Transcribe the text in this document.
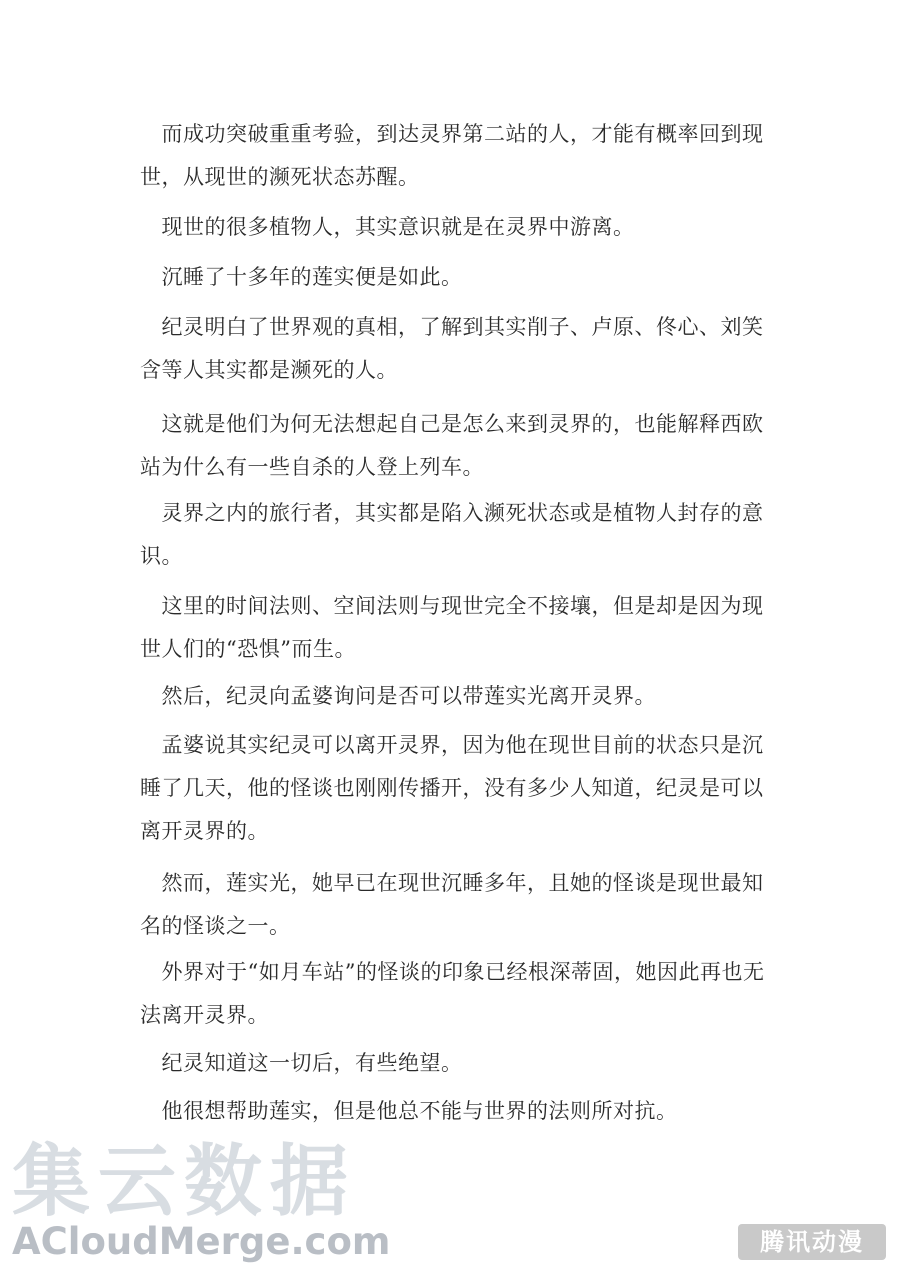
　而成功突破重重考验，到达灵界第二站的人，才能有概率回到现世，从现世的濒死状态苏醒。

　现世的很多植物人，其实意识就是在灵界中游离。

　沉睡了十多年的莲实便是如此。

　纪灵明白了世界观的真相，了解到其实削子、卢原、佟心、刘笑含等人其实都是濒死的人。

　这就是他们为何无法想起自己是怎么来到灵界的，也能解释西欧站为什么有一些自杀的人登上列车。

　灵界之内的旅行者，其实都是陷入濒死状态或是植物人封存的意识。

　这里的时间法则、空间法则与现世完全不接壤，但是却是因为现世人们的“恐惧”而生。

　然后，纪灵向孟婆询问是否可以带莲实光离开灵界。

　孟婆说其实纪灵可以离开灵界，因为他在现世目前的状态只是沉睡了几天，他的怪谈也刚刚传播开，没有多少人知道，纪灵是可以离开灵界的。

　然而，莲实光，她早已在现世沉睡多年，且她的怪谈是现世最知名的怪谈之一。

　外界对于“如月车站”的怪谈的印象已经根深蒂固，她因此再也无法离开灵界。

　纪灵知道这一切后，有些绝望。

　他很想帮助莲实，但是他总不能与世界的法则所对抗。

集云数据
ACloudMerge.com	腾讯动漫
